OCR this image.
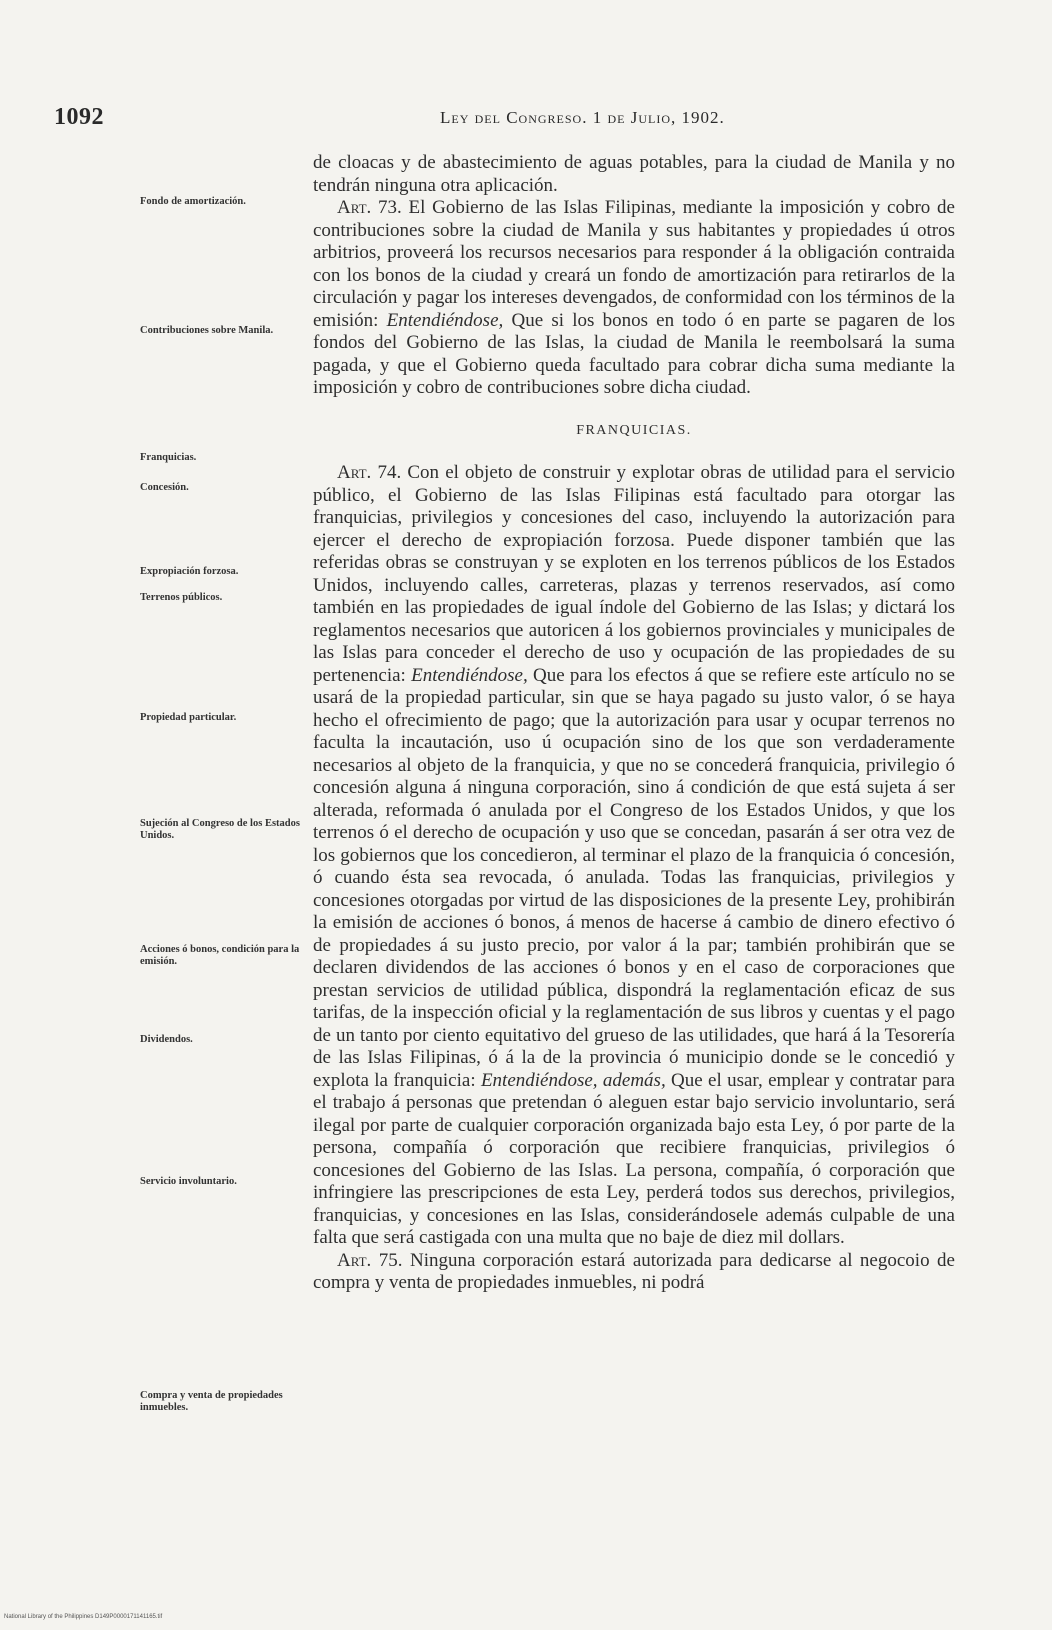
1092	Ley del Congreso. 1 de Julio, 1902.
Fondo de amortización.
Contribuciones sobre Manila.
Franquicias.
Concesión.
Expropiación forzosa.
Terrenos públicos.
Propiedad particular.
Sujeción al Congreso de los Estados Unidos.
Acciones ó bonos, condición para la emisión.
Dividendos.
Servicio involuntario.
Compra y venta de propiedades inmuebles.

de cloacas y de abastecimiento de aguas potables, para la ciudad de Manila y no tendrán ninguna otra aplicación.

Art. 73. El Gobierno de las Islas Filipinas, mediante la imposición y cobro de contribuciones sobre la ciudad de Manila y sus habitantes y propiedades ú otros arbitrios, proveerá los recursos necesarios para responder á la obligación contraida con los bonos de la ciudad y creará un fondo de amortización para retirarlos de la circulación y pagar los intereses devengados, de conformidad con los términos de la emisión: Entendiéndose, Que si los bonos en todo ó en parte se pagaren de los fondos del Gobierno de las Islas, la ciudad de Manila le reembolsará la suma pagada, y que el Gobierno queda facultado para cobrar dicha suma mediante la imposición y cobro de contribuciones sobre dicha ciudad.

FRANQUICIAS.

Art. 74. Con el objeto de construir y explotar obras de utilidad para el servicio público, el Gobierno de las Islas Filipinas está facultado para otorgar las franquicias, privilegios y concesiones del caso, incluyendo la autorización para ejercer el derecho de expropiación forzosa. Puede disponer también que las referidas obras se construyan y se exploten en los terrenos públicos de los Estados Unidos, incluyendo calles, carreteras, plazas y terrenos reservados, así como también en las propiedades de igual índole del Gobierno de las Islas; y dictará los reglamentos necesarios que autoricen á los gobiernos provinciales y municipales de las Islas para conceder el derecho de uso y ocupación de las propiedades de su pertenencia: Entendiéndose, Que para los efectos á que se refiere este artículo no se usará de la propiedad particular, sin que se haya pagado su justo valor, ó se haya hecho el ofrecimiento de pago; que la autorización para usar y ocupar terrenos no faculta la incautación, uso ú ocupación sino de los que son verdaderamente necesarios al objeto de la franquicia, y que no se concederá franquicia, privilegio ó concesión alguna á ninguna corporación, sino á condición de que está sujeta á ser alterada, reformada ó anulada por el Congreso de los Estados Unidos, y que los terrenos ó el derecho de ocupación y uso que se concedan, pasarán á ser otra vez de los gobiernos que los concedieron, al terminar el plazo de la franquicia ó concesión, ó cuando ésta sea revocada, ó anulada. Todas las franquicias, privilegios y concesiones otorgadas por virtud de las disposiciones de la presente Ley, prohibirán la emisión de acciones ó bonos, á menos de hacerse á cambio de dinero efectivo ó de propiedades á su justo precio, por valor á la par; también prohibirán que se declaren dividendos de las acciones ó bonos y en el caso de corporaciones que prestan servicios de utilidad pública, dispondrá la reglamentación eficaz de sus tarifas, de la inspección oficial y la reglamentación de sus libros y cuentas y el pago de un tanto por ciento equitativo del grueso de las utilidades, que hará á la Tesorería de las Islas Filipinas, ó á la de la provincia ó municipio donde se le concedió y explota la franquicia: Entendiéndose, además, Que el usar, emplear y contratar para el trabajo á personas que pretendan ó aleguen estar bajo servicio involuntario, será ilegal por parte de cualquier corporación organizada bajo esta Ley, ó por parte de la persona, compañía ó corporación que recibiere franquicias, privilegios ó concesiones del Gobierno de las Islas. La persona, compañía, ó corporación que infringiere las prescripciones de esta Ley, perderá todos sus derechos, privilegios, franquicias, y concesiones en las Islas, considerándosele además culpable de una falta que será castigada con una multa que no baje de diez mil dollars.

Art. 75. Ninguna corporación estará autorizada para dedicarse al negocoio de compra y venta de propiedades inmuebles, ni podrá

National Library of the Philippines D149P0000171141165.tif
